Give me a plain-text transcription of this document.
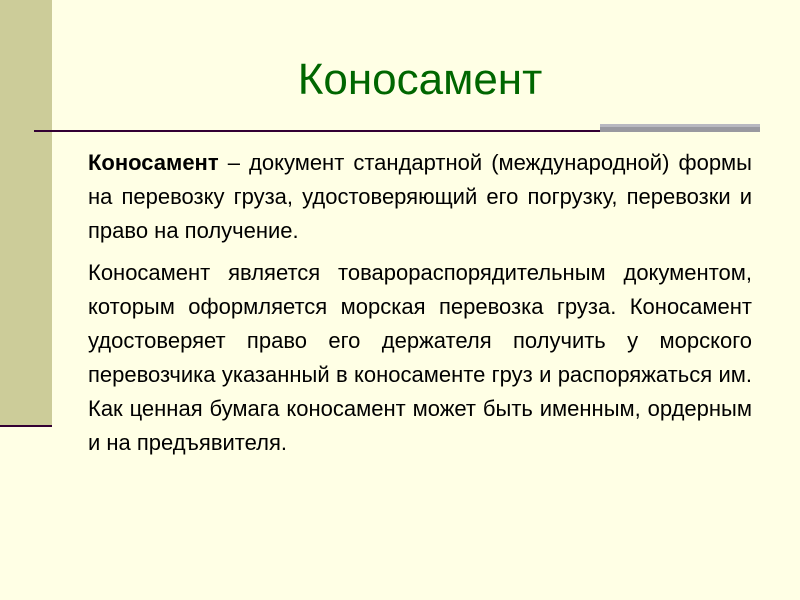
Коносамент

Коносамент – документ стандартной (международной) формы на перевозку груза, удостоверяющий его погрузку, перевозки и право на получение.

Коносамент является товарораспорядительным документом, которым оформляется морская перевозка груза. Коносамент удостоверяет право его держателя получить у морского перевозчика указанный в коносаменте груз и распоряжаться им. Как ценная бумага коносамент может быть именным, ордерным и на предъявителя.
